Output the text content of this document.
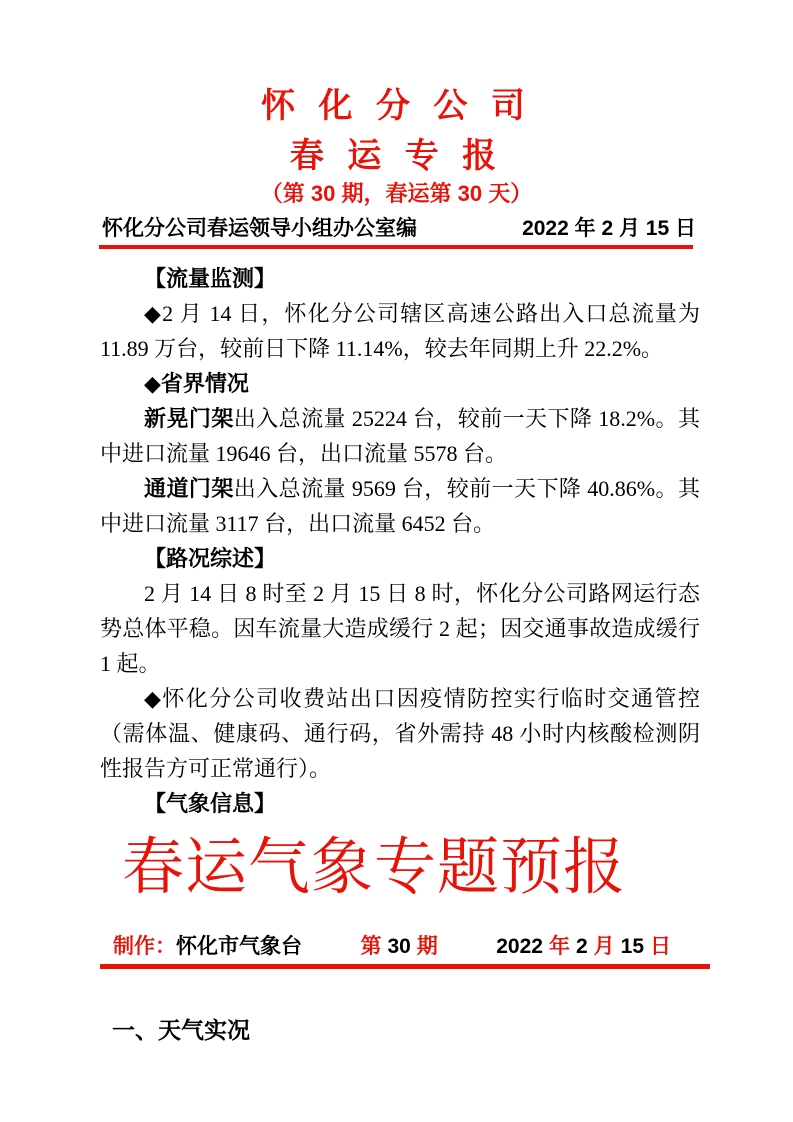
怀 化 分 公 司
春 运 专 报
（第 30 期，春运第 30 天）
怀化分公司春运领导小组办公室编	2022 年 2 月 15 日

【流量监测】

◆2 月 14 日，怀化分公司辖区高速公路出入口总流量为 11.89 万台，较前日下降 11.14%，较去年同期上升 22.2%。

◆省界情况

新晃门架出入总流量 25224 台，较前一天下降 18.2%。其中进口流量 19646 台，出口流量 5578 台。

通道门架出入总流量 9569 台，较前一天下降 40.86%。其中进口流量 3117 台，出口流量 6452 台。

【路况综述】

2 月 14 日 8 时至 2 月 15 日 8 时，怀化分公司路网运行态势总体平稳。因车流量大造成缓行 2 起；因交通事故造成缓行 1 起。

◆怀化分公司收费站出口因疫情防控实行临时交通管控（需体温、健康码、通行码，省外需持 48 小时内核酸检测阴性报告方可正常通行）。

【气象信息】

春运气象专题预报
制作：怀化市气象台	第 30 期	2022 年 2 月 15 日
一、天气实况
